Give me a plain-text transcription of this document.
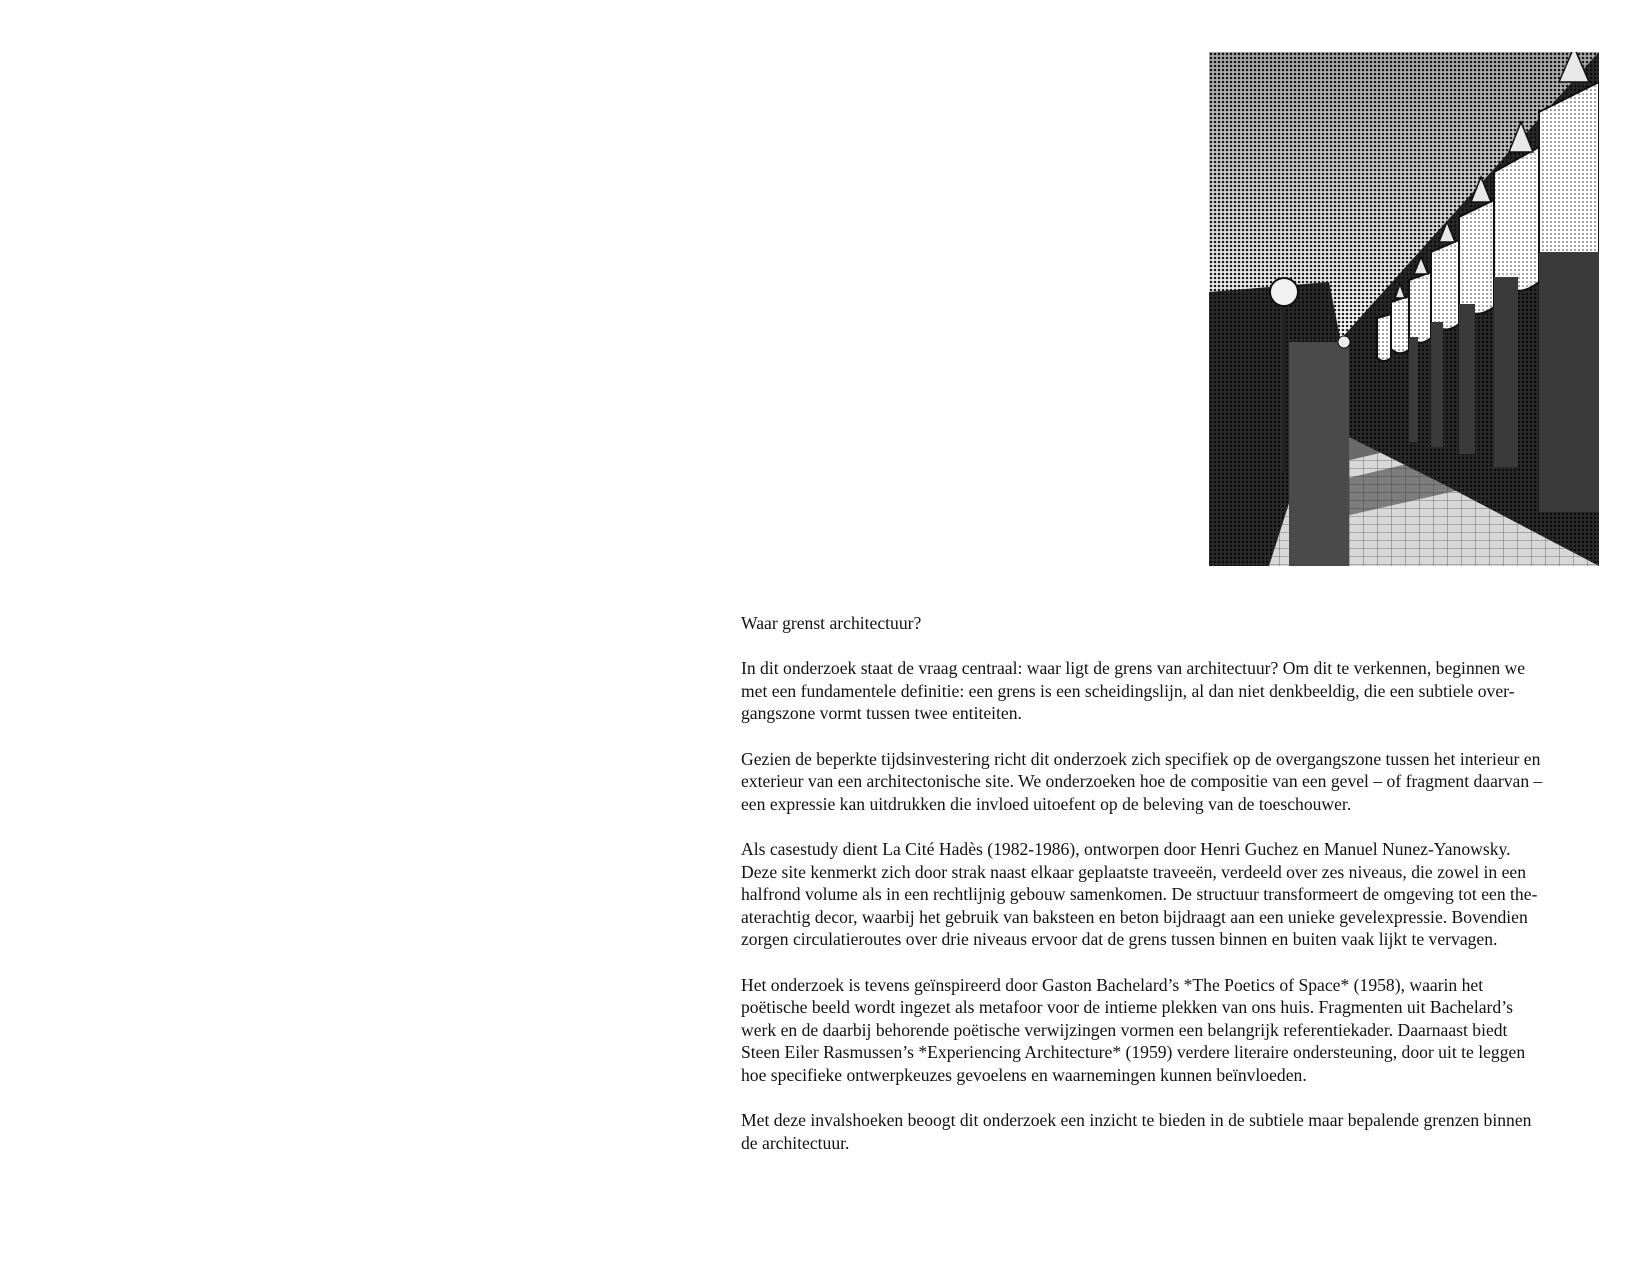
Waar grenst architectuur?

In dit onderzoek staat de vraag centraal: waar ligt de grens van architectuur? Om dit te verkennen, beginnen we
met een fundamentele definitie: een grens is een scheidingslijn, al dan niet denkbeeldig, die een subtiele over-
gangszone vormt tussen twee entiteiten.

Gezien de beperkte tijdsinvestering richt dit onderzoek zich specifiek op de overgangszone tussen het interieur en
exterieur van een architectonische site. We onderzoeken hoe de compositie van een gevel – of fragment daarvan –
een expressie kan uitdrukken die invloed uitoefent op de beleving van de toeschouwer.

Als casestudy dient La Cité Hadès (1982-1986), ontworpen door Henri Guchez en Manuel Nunez-Yanowsky.
Deze site kenmerkt zich door strak naast elkaar geplaatste traveeën, verdeeld over zes niveaus, die zowel in een
halfrond volume als in een rechtlijnig gebouw samenkomen. De structuur transformeert de omgeving tot een the-
aterachtig decor, waarbij het gebruik van baksteen en beton bijdraagt aan een unieke gevelexpressie. Bovendien
zorgen circulatieroutes over drie niveaus ervoor dat de grens tussen binnen en buiten vaak lijkt te vervagen.

Het onderzoek is tevens geïnspireerd door Gaston Bachelard’s *The Poetics of Space* (1958), waarin het
poëtische beeld wordt ingezet als metafoor voor de intieme plekken van ons huis. Fragmenten uit Bachelard’s
werk en de daarbij behorende poëtische verwijzingen vormen een belangrijk referentiekader. Daarnaast biedt
Steen Eiler Rasmussen’s *Experiencing Architecture* (1959) verdere literaire ondersteuning, door uit te leggen
hoe specifieke ontwerpkeuzes gevoelens en waarnemingen kunnen beïnvloeden.

Met deze invalshoeken beoogt dit onderzoek een inzicht te bieden in de subtiele maar bepalende grenzen binnen
de architectuur.
